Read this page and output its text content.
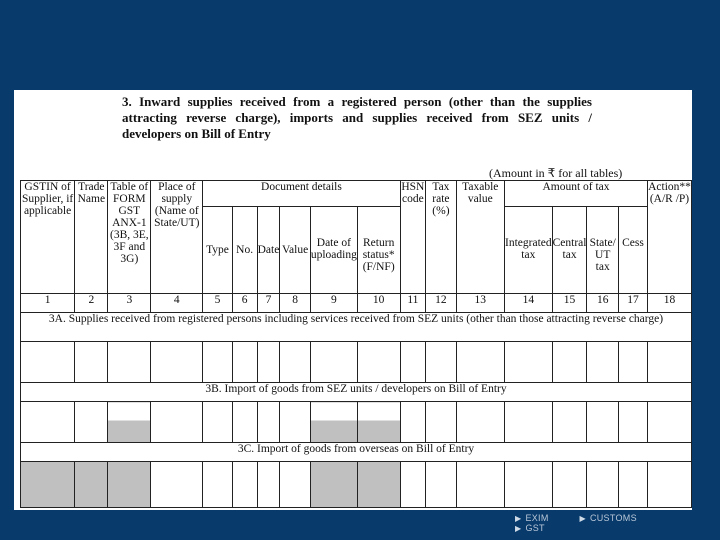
3. Inward supplies received from a registered person (other than the supplies attracting reverse charge), imports and supplies received from SEZ units / developers on Bill of Entry
(Amount in ₹ for all tables)
GSTIN of Supplier, if applicable	Trade Name	Table of FORM GST ANX-1 (3B, 3E, 3F and 3G)	Place of supply (Name of State/UT)	Document details						HSN code	Tax rate (%)	Taxable value	Amount of tax				Action** (A/R /P)
				Type	No.	Date	Value	Date of uploading	Return status* (F/NF)				Integrated tax	Central tax	State/ UT tax	Cess	
1	2	3	4	5	6	7	8	9	10	11	12	13	14	15	16	17	18
3A. Supplies received from registered persons including services received from SEZ units (other than those attracting reverse charge)																	

3B. Import of goods from SEZ units / developers on Bill of Entry																	

3C. Import of goods from overseas on Bill of Entry																	

▶ EXIM	▶ CUSTOMS ▶ GST
